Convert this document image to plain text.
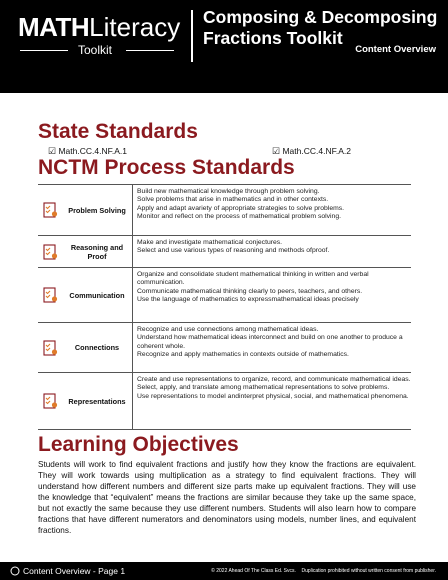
MATHLiteracy
Toolkit
Composing & Decomposing
Fractions Toolkit
Content Overview
State Standards
☑ Math.CC.4.NF.A.1	☑ Math.CC.4.NF.A.2
NCTM Process Standards
Problem Solving
Build new mathematical knowledge through problem solving.
Solve problems that arise in mathematics and in other contexts.
Apply and adapt avariety of appropriate strategies to solve problems.
Monitor and reflect on the process of mathematical problem solving.
Reasoning and Proof
Make and investigate mathematical conjectures.
Select and use various types of reasoning and methods ofproof.
Communication
Organize and consolidate student mathematical thinking in written and verbal communication.
Communicate mathematical thinking clearly to peers, teachers, and others.
Use the language of mathematics to expressmathematical ideas precisely
Connections
Recognize and use connections among mathematical ideas.
Understand how mathematical ideas interconnect and build on one another to produce a coherent whole.
Recognize and apply mathematics in contexts outside of mathematics.
Representations
Create and use representations to organize, record, and communicate mathematical ideas.
Select, apply, and translate among mathematical representations to solve problems.
Use representations to model andinterpret physical, social, and mathematical phenomena.
Learning Objectives
Students will work to find equivalent fractions and justify how they know the fractions are equivalent. They will work towards using multiplication as a strategy to find equivalent fractions. They will understand how different numbers and different size parts make up equivalent fractions. They will use the knowledge that “equivalent” means the fractions are similar because they take up the same space, but not exactly the same because they use different numbers. Students will also learn how to compare fractions that have different numerators and denominators using models, number lines, and equivalent fractions.
Content Overview - Page 1	© 2022 Ahead Of The Class Ed. Svcs. Duplication prohibited without written consent from publisher.
